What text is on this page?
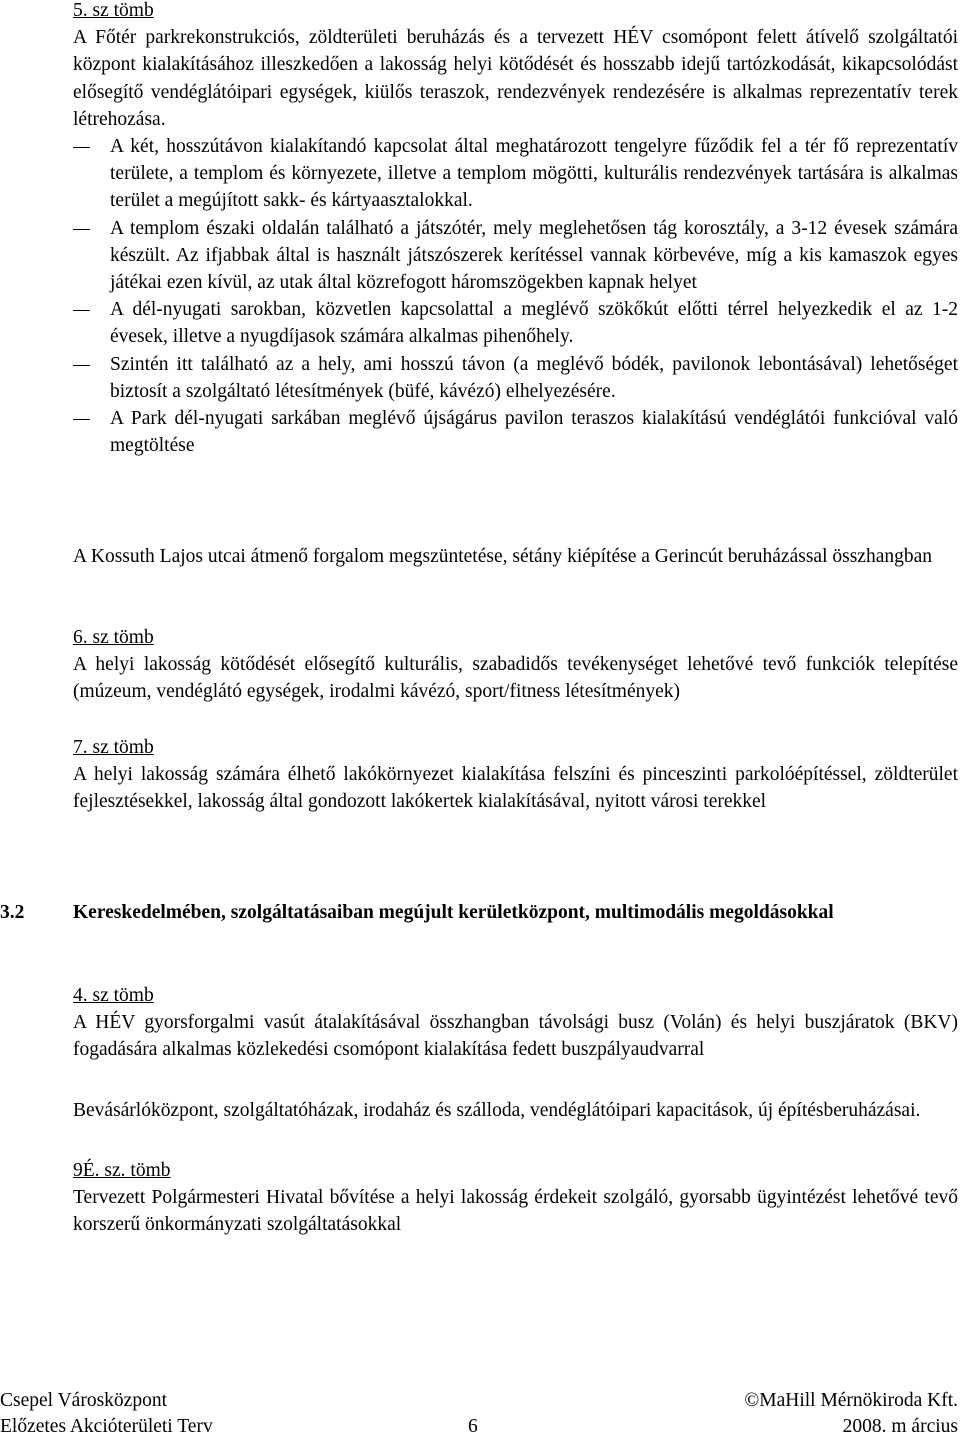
5. sz tömb
A Főtér parkrekonstrukciós, zöldterületi beruházás és a tervezett HÉV csomópont felett átívelő szolgáltatói központ kialakításához illeszkedően a lakosság helyi kötődését és hosszabb idejű tartózkodását, kikapcsolódást elősegítő vendéglátóipari egységek, kiülős teraszok, rendezvények rendezésére is alkalmas reprezentatív terek létrehozása.
A két, hosszútávon kialakítandó kapcsolat által meghatározott tengelyre fűződik fel a tér fő reprezentatív területe, a templom és környezete, illetve a templom mögötti, kulturális rendezvények tartására is alkalmas terület a megújított sakk- és kártyaasztalokkal.
A templom északi oldalán található a játszótér, mely meglehetősen tág korosztály, a 3-12 évesek számára készült. Az ifjabbak által is használt játszószerek kerítéssel vannak körbevéve, míg a kis kamaszok egyes játékai ezen kívül, az utak által közrefogott háromszögekben kapnak helyet
A dél-nyugati sarokban, közvetlen kapcsolattal a meglévő szökőkút előtti térrel helyezkedik el az 1-2 évesek, illetve a nyugdíjasok számára alkalmas pihenőhely.
Szintén itt található az a hely, ami hosszú távon (a meglévő bódék, pavilonok lebontásával) lehetőséget biztosít a szolgáltató létesítmények (büfé, kávézó) elhelyezésére.
A Park dél-nyugati sarkában meglévő újságárus pavilon teraszos kialakítású vendéglátói funkcióval való megtöltése
A Kossuth Lajos utcai átmenő forgalom megszüntetése, sétány kiépítése a Gerincút beruházással összhangban
6. sz tömb
A helyi lakosság kötődését elősegítő kulturális, szabadidős tevékenységet lehetővé tevő funkciók telepítése (múzeum, vendéglátó egységek, irodalmi kávézó, sport/fitness létesítmények)
7. sz tömb
A helyi lakosság számára élhető lakókörnyezet kialakítása felszíni és pinceszinti parkolóépítéssel, zöldterület fejlesztésekkel, lakosság által gondozott lakókertek kialakításával, nyitott városi terekkel
3.2 Kereskedelmében, szolgáltatásaiban megújult kerületközpont, multimodális megoldásokkal
4. sz tömb
A HÉV gyorsforgalmi vasút átalakításával összhangban távolsági busz (Volán) és helyi buszjáratok (BKV) fogadására alkalmas közlekedési csomópont kialakítása fedett buszpályaudvarral
Bevásárlóközpont, szolgáltatóházak, irodaház és szálloda, vendéglátóipari kapacitások, új építésberuházásai.
9É. sz. tömb
Tervezett Polgármesteri Hivatal bővítése a helyi lakosság érdekeit szolgáló, gyorsabb ügyintézést lehetővé tevő korszerű önkormányzati szolgáltatásokkal
Csepel Városközpont	©MaHill Mérnökiroda Kft.
Előzetes Akcióterületi Terv	6	2008. m árcius
